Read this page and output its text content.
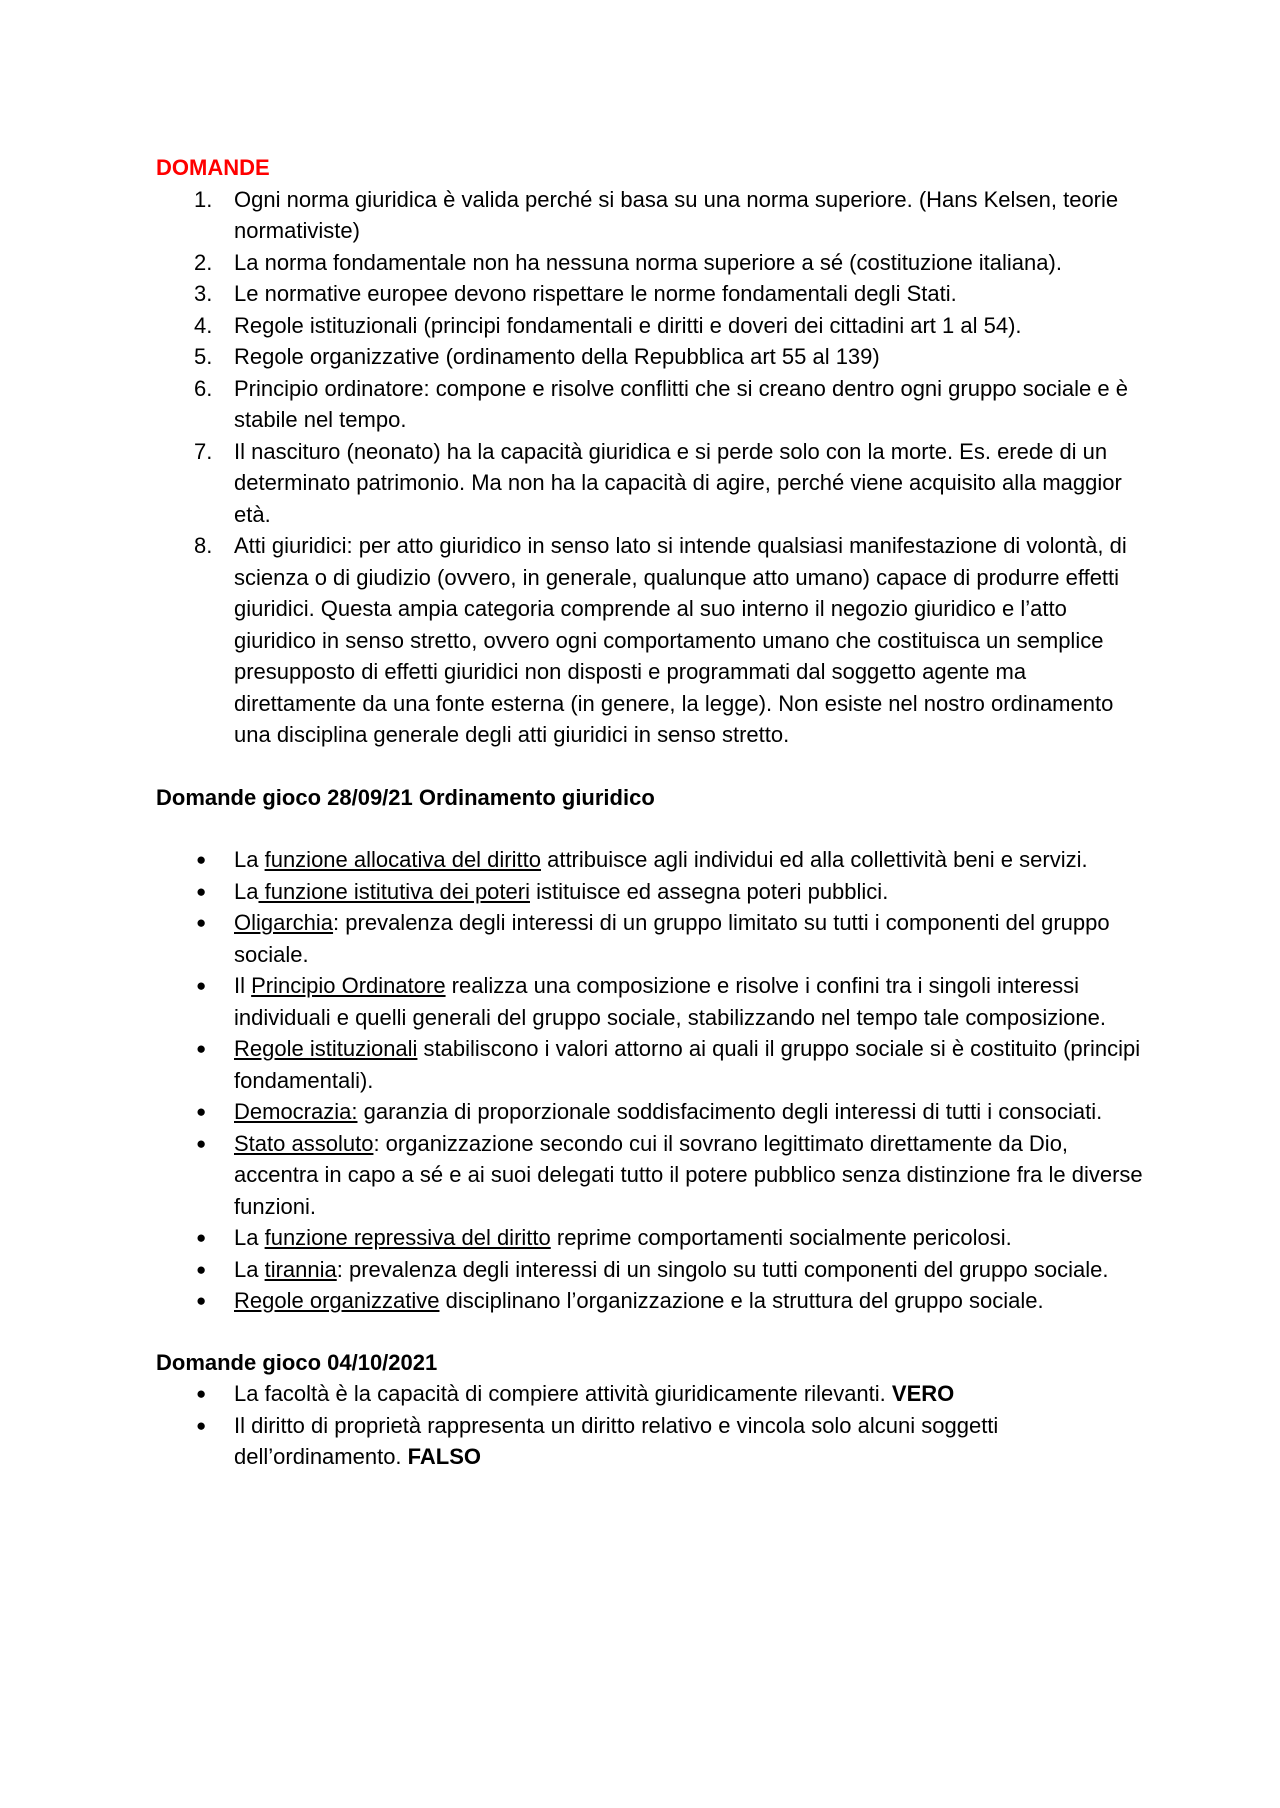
DOMANDE

1. Ogni norma giuridica è valida perché si basa su una norma superiore. (Hans Kelsen, teorie normativiste)
2. La norma fondamentale non ha nessuna norma superiore a sé (costituzione italiana).
3. Le normative europee devono rispettare le norme fondamentali degli Stati.
4. Regole istituzionali (principi fondamentali e diritti e doveri dei cittadini art 1 al 54).
5. Regole organizzative (ordinamento della Repubblica art 55 al 139)
6. Principio ordinatore: compone e risolve conflitti che si creano dentro ogni gruppo sociale e è stabile nel tempo.
7. Il nascituro (neonato) ha la capacità giuridica e si perde solo con la morte. Es. erede di un determinato patrimonio. Ma non ha la capacità di agire, perché viene acquisito alla maggior età.
8. Atti giuridici: per atto giuridico in senso lato si intende qualsiasi manifestazione di volontà, di scienza o di giudizio (ovvero, in generale, qualunque atto umano) capace di produrre effetti giuridici. Questa ampia categoria comprende al suo interno il negozio giuridico e l’atto giuridico in senso stretto, ovvero ogni comportamento umano che costituisca un semplice presupposto di effetti giuridici non disposti e programmati dal soggetto agente ma direttamente da una fonte esterna (in genere, la legge). Non esiste nel nostro ordinamento una disciplina generale degli atti giuridici in senso stretto.

Domande gioco 28/09/21 Ordinamento giuridico

● La funzione allocativa del diritto attribuisce agli individui ed alla collettività beni e servizi.
● La funzione istitutiva dei poteri istituisce ed assegna poteri pubblici.
● Oligarchia: prevalenza degli interessi di un gruppo limitato su tutti i componenti del gruppo sociale.
● Il Principio Ordinatore realizza una composizione e risolve i confini tra i singoli interessi individuali e quelli generali del gruppo sociale, stabilizzando nel tempo tale composizione.
● Regole istituzionali stabiliscono i valori attorno ai quali il gruppo sociale si è costituito (principi fondamentali).
● Democrazia: garanzia di proporzionale soddisfacimento degli interessi di tutti i consociati.
● Stato assoluto: organizzazione secondo cui il sovrano legittimato direttamente da Dio, accentra in capo a sé e ai suoi delegati tutto il potere pubblico senza distinzione fra le diverse funzioni.
● La funzione repressiva del diritto reprime comportamenti socialmente pericolosi.
● La tirannia: prevalenza degli interessi di un singolo su tutti componenti del gruppo sociale.
● Regole organizzative disciplinano l’organizzazione e la struttura del gruppo sociale.

Domande gioco 04/10/2021

● La facoltà è la capacità di compiere attività giuridicamente rilevanti. VERO
● Il diritto di proprietà rappresenta un diritto relativo e vincola solo alcuni soggetti dell’ordinamento. FALSO
